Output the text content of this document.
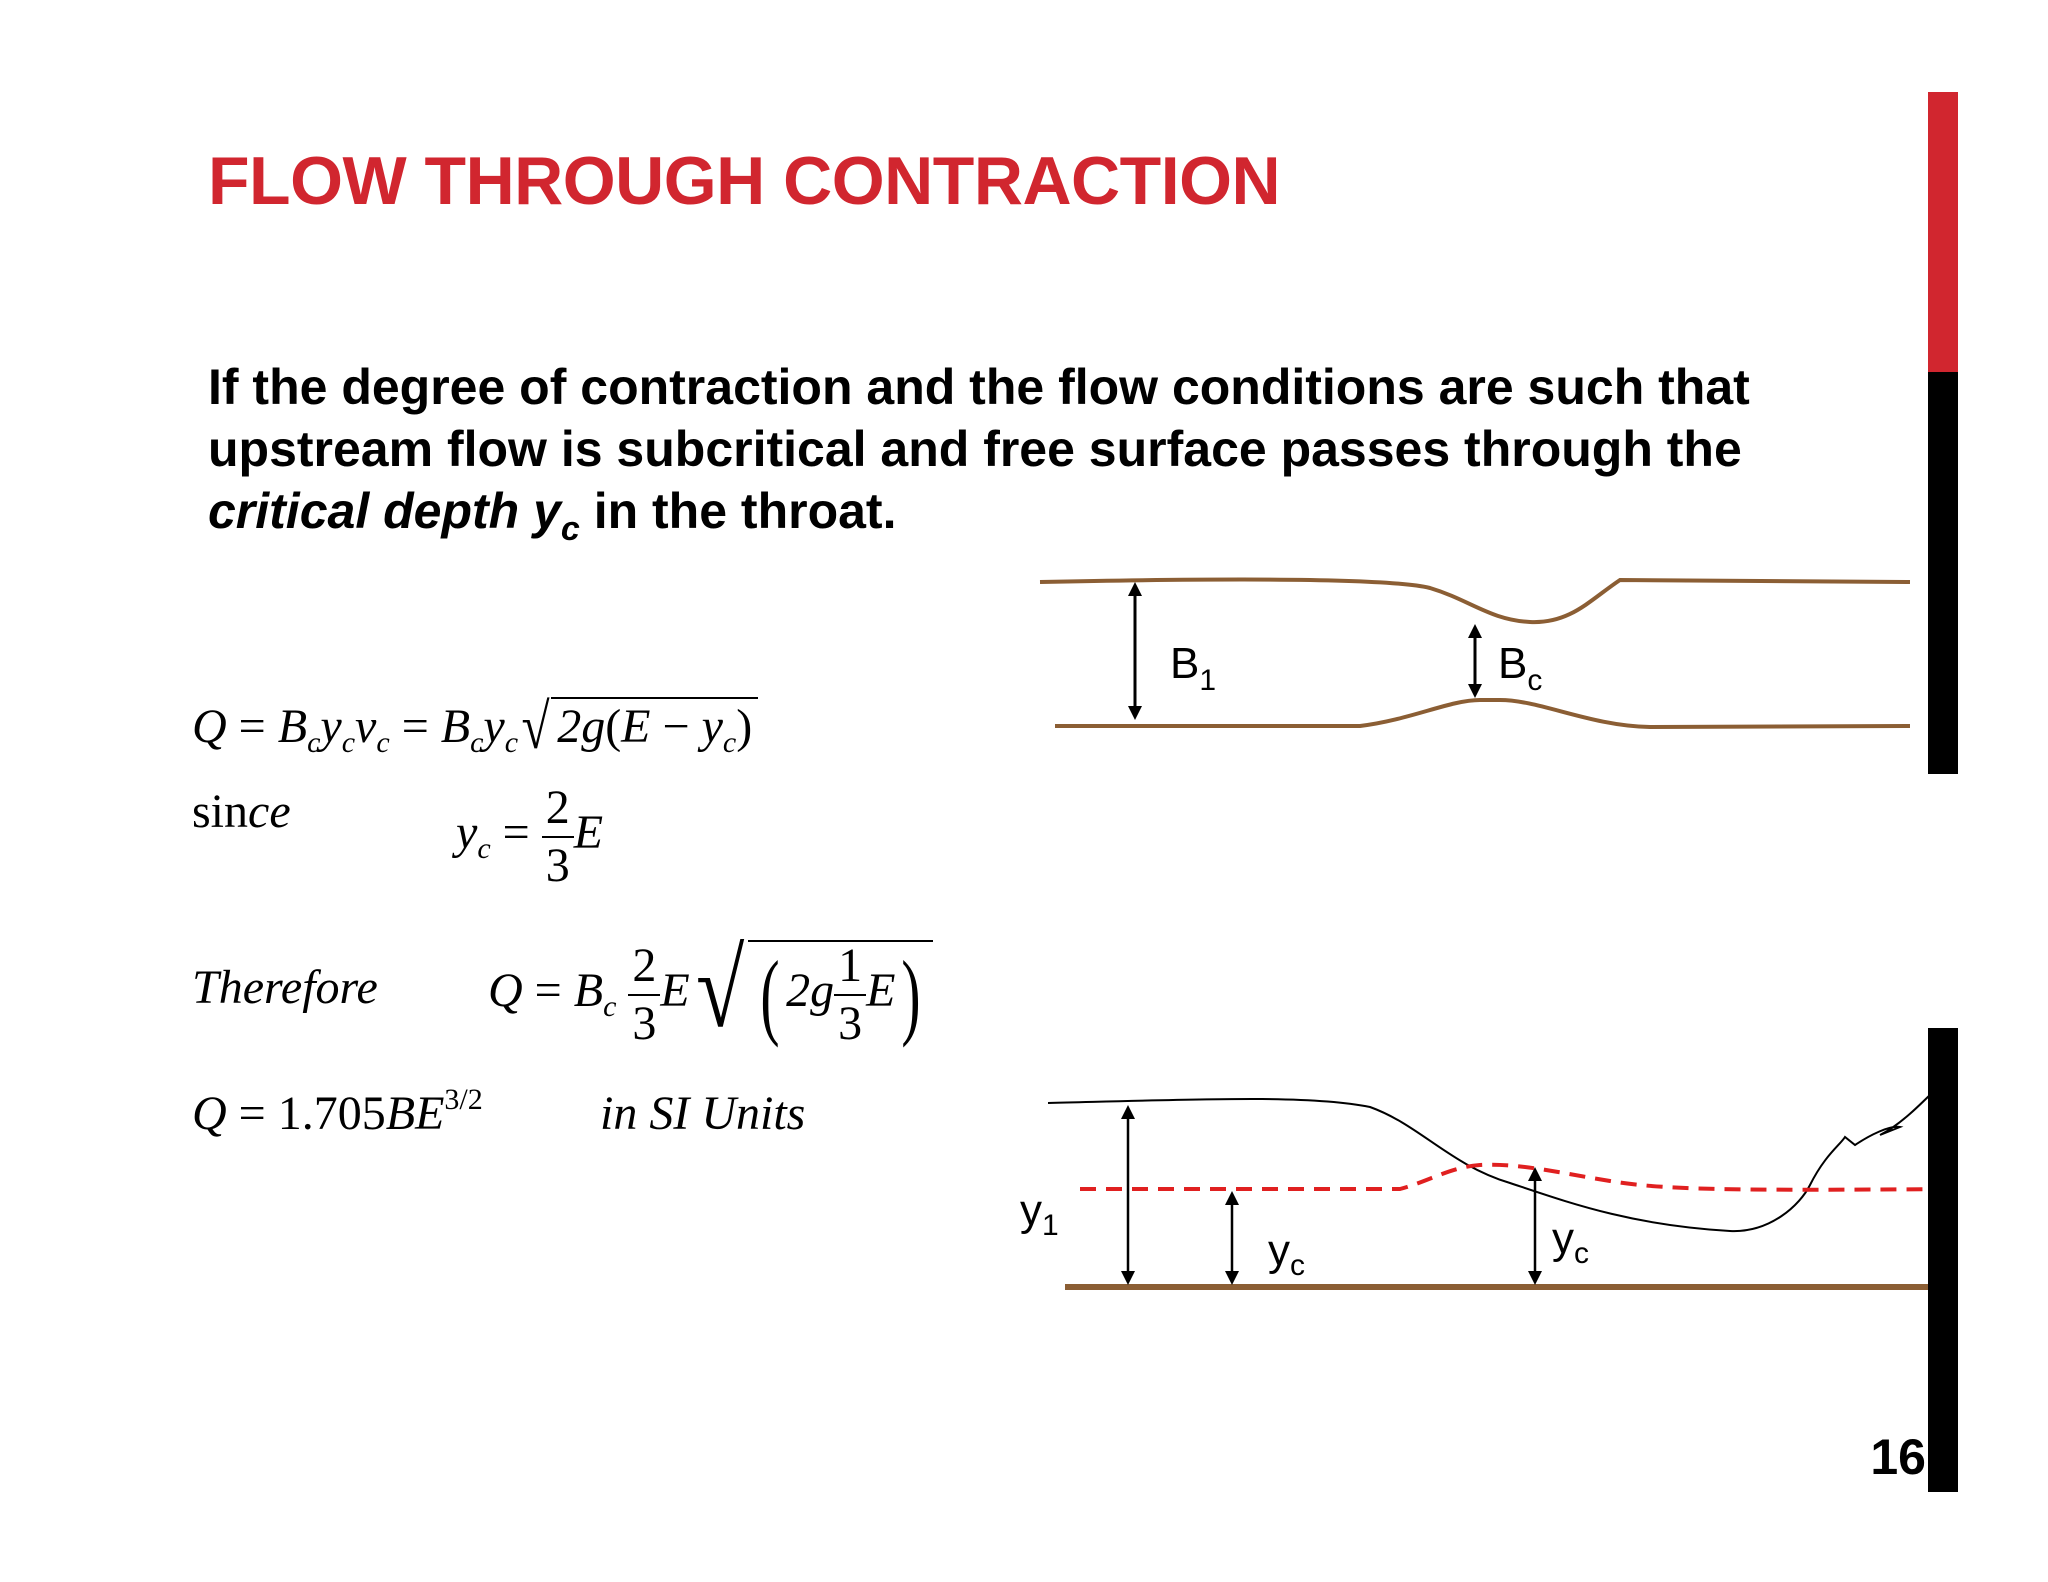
FLOW THROUGH CONTRACTION

If the degree of contraction and the flow conditions are such that
upstream flow is subcritical and free surface passes through the
critical depth $y_c$ in the throat.

$Q = B_cy_cv_c = B_cy_c√$ $2g(E - y_c)$
since	$y_c = \frac{2}{3}$ E
Therefore $Q = B_c \frac{2}{3} E√$ ( $2g \frac{1}{3} E$)
$Q = 1.705BE^{3/2}$ in SI Units
$B_1$	$B_c$
$y_1$
$y_c$
$y_c$
16
